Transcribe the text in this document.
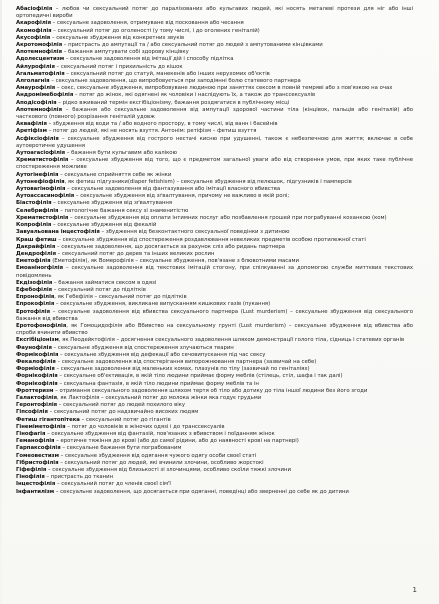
Абасіофілія – любов чи сексуальний потяг до паралізованих або кульгавих людей, які носять металеві протези для ніг або інші ортопедичні вироби

Акарофілія – сексуальне задоволення, отримуване від посковання або чесання

Акомофілія – сексуальний потяг до оголеності (у тому числі, і до оголених геніталій)

Акусофілія – сексуальне збудження від конкретних звуків

Акротомофілія – пристрасть до ампутації та / або сексуальний потяг до людей з ампутованими кінцівками

Апотемнофілія – бажання ампутувати собі здорову кінцівку

Адолесцентизм – сексуальне задоволення від імітації дій і способу підлітка

Айлурофілія – сексуальний потяг і прихильність до кішок

Агальматофілія – сексуальний потяг до статуй, манекенів або інших нерухомих об'єктів

Алголагнія – сексуальне задоволення, що випробовується при заподіянні болю статевого партнера

Амаурофілія – секс, сексуальне збудження, випробовуване людиною при заняттях сексом в повній темряві або з пов'язкою на очах

Андромімебофілія – потяг до жінок, які одягнені як чоловіки і наслідують їх, а також до транссексуалів

Аподісофілія – рідко вживаний термін ексгібіціонізму, бажання роздягатися в публічному місці

Апотемнофілія – бажання або сексуальне задоволення від ампутації здорової частини тіла (кінцівок, пальців або геніталій) або часткового (повного) розрізання геніталій удовж

Аквафілія – збудження від води та / або водного простору, в тому числі, від ванн і басейнів

Аретіфізм – потяг до людей, які не носять взуття. Антонім: ретіфізм – фетиш взуття

Асфіксіофілія – сексуальне збудження від гострого нестачі кисню при удушенні, також є небезпечною для життя; включає в себе аутоеротичне удушення

Аутоагасіофілія – бажання бути кульгавим або калікою

Хрематистофілія – сексуальне збудження від того, що є предметом загальної уваги або від створення умов, при яких таке публічне спостереження можливе

Аутогінефілія – сексуальне сприйняття себе як жінки

Аутонефіофілія, як фетиш підгузники(diaper fetishism) – сексуальне збудження від пелюшок, підгузників і памперсів

Аутовагінофілія – сексуальне задоволення від фантазування або імітації власного вбивства

Аутоассасинофілія – сексуальне збудження від зґвалтування, причому не важливо в якій ролі;

Біастофілія – сексуальне збудження від зґвалтування

Селебрифілія – патологічне бажання сексу зі знаменитістю

Хрематистофілія – сексуальне збудження від оплати інтимних послуг або позбавлення грошей при пограбуванні коханкою (ком)

Копрофілія – сексуальне збудження від фекалій

Завуальована інцестофілія – збудження від безконтактного сексуальної поведінки з дитиною

Краш фетиш – сексуальне збудження від спостереження роздавлювання невеликих предметів особою протилежної статі

Дакрайфілія – сексуальне задоволення, що досягається за рахунок сліз або ридань партнера

Дендрофілія – сексуальний потяг до дерев та інших великих рослин

Еметофілія (Еметофілія), як Вомерофілія – сексуальне збудження, пов'язане з блювотними масами

Емоаніногфілія – сексуальне задоволення від текстових імітацій стогону, при спілкуванні за допомогою служби миттєвих текстових повідомлень

Екдізофілія – бажання займатися сексом в одязі

Ефебофілія – сексуальний потяг до підлітків

Епронофілія, як Гебефілія – сексуальний потяг до підлітків

Епрокофілія – сексуальне збудження, викликане випусканням кишкових газів (пукання)

Еротофілія – сексуальне задоволення від вбивства сексуального партнера (Lust murderism) – сексуальне збудження від сексуального бажання від вбивства

Еротофонофілія, як Гомоцидофілія або Вбивство на сексуальному грунті (Lust murderism) – сексуальне збудження від вбивства або спроби вчинити вбивство

Ексгібіціонізм, як Пеодейктофілія – досягнення сексуального задоволення шляхом демонстрації голого тіла, сідниць і статевих органів

Фаунофілія – сексуальне збудження від спостереження злучаються тварин

Формікофілія – сексуальне збудження від дефекації або сечовипускання під час сексу

Фекалофілія – сексуальне задоволення від спостерігання випорожнювання партнера (зазвичай на себе)

Форміофілія – сексуальне задоволення від маленьких комах, плазунів по тілу (зазвичай по геніталіях)

Форнікофілія – сексуальне об'єктивація, в якій тіло людини приймає форму меблів (стілець, стіл, шафа і так далі)

Форнікофілія – сексуальна фантазія, в якій тіло людини приймає форму меблів та ін

Фроттеризм – отримання сексуального задоволення шляхом тертя об тіло або дотику до тіла іншої людини без його згоди

Галактофілія, як Лактофілія – сексуальний потяг до молока жінки яка годує грудьми

Геронтофілія – сексуальний потяг до людей похилого віку

Гіпсофілія – сексуальний потяг до надзвичайно високих людям

Фетиш гігантопітека – сексуальний потяг до гігантів

Гінеміметофілія – потяг до чоловіків в жіночих одязі і до транссексуалів

Гінофагія – сексуальне збудження від фантазій, пов'язаних з вбивством і поїданням жінок

Геманофілія – еротичне тяжіння до крові (або до самої рідини, або до наявності крові на партнері)

Гарпаксофілія – сексуальне бажання бути пограбованим

Гомеовестизм – сексуальне збудження від одягання чужого одягу особи своєї статі

Гібристофілія – сексуальний потяг до людей, які вчинили злочини, особливо жорстокі

Гіфефілія – сексуальне збудження від близькості зі злочинцями, особливо скоїли тяжкі злочини

Гінофілія – пристрасть до тканин

Інцестофілія – сексуальний потяг до членів своєї сім'ї

Інфантилізм – сексуальне задоволення, що досягається при одяганні, поведінці або зверненні до себе як до дитини

1
